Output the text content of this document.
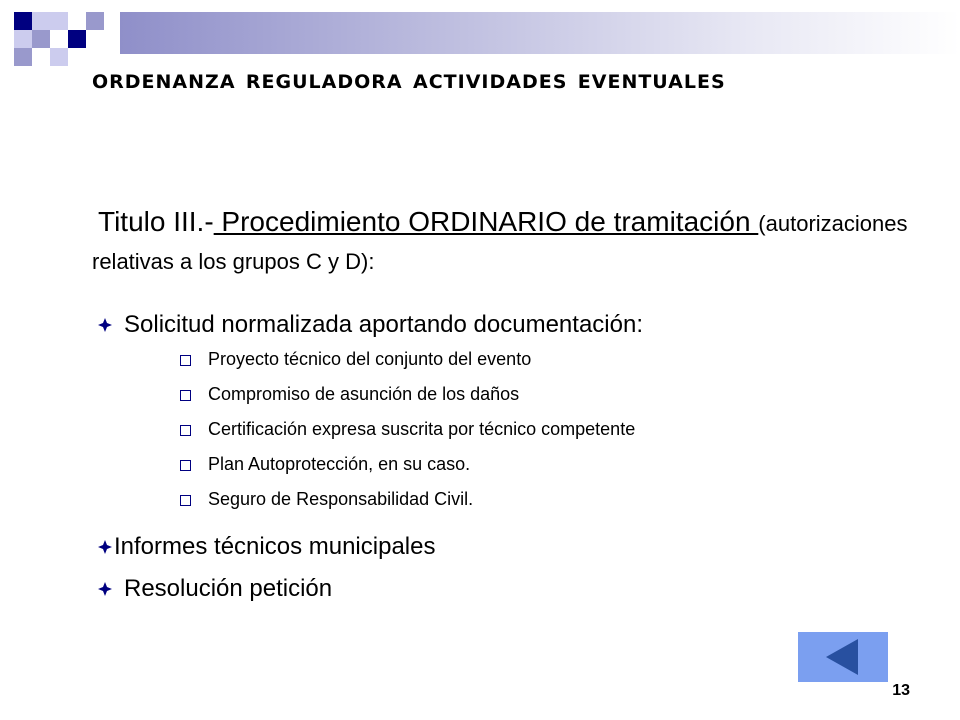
ordenanza reguladora actividades eventuales

Titulo III.- Procedimiento ORDINARIO de tramitación (autorizaciones relativas a los grupos C y D):

Solicitud normalizada aportando documentación:
Proyecto técnico del conjunto del evento
Compromiso de asunción de los daños
Certificación expresa suscrita por técnico competente
Plan Autoprotección, en su caso.
Seguro de Responsabilidad Civil.
Informes técnicos municipales
Resolución petición
13
